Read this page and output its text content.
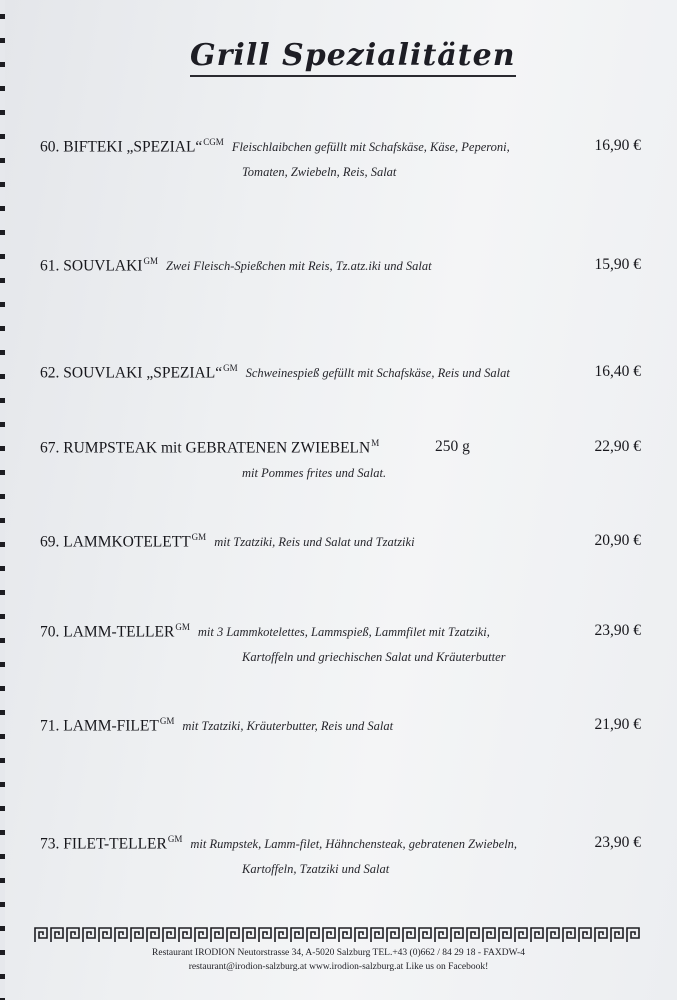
Grill Spezialitäten
60. BIFTEKI „SPEZIAL“$^{CGM}$ Fleischlaibchen gefüllt mit Schafskäse, Käse, Peperoni,	16,90 €
Tomaten, Zwiebeln, Reis, Salat
61. $SOUVLAKI^{GM}$ Zwei Fleisch-Spießchen mit Reis, Tz.atz.iki und Salat	15,90 €
62. SOUVLAKI „SPEZIAL“$^{GM}$ Schweinespieß gefüllt mit Schafskäse, Reis und Salat	16,40 €
67. RUMPSTEAK mit GEBRATENEN $ZWIEBELN^M$	250 g	22,90 €
mit Pommes frites und Salat.
69. $LAMMKOTELETT^{GM}$ mit Tzatziki, Reis und Salat und Tzatziki	20,90 €
70. LAMM-$TELLER^{GM}$ mit 3 Lammkotelettes, Lammspieß, Lammfilet mit Tzatziki,	23,90 €
Kartoffeln und griechischen Salat und Kräuterbutter
71. LAMM-$FILET^{GM}$ mit Tzatziki, Kräuterbutter, Reis und Salat	21,90 €
73. FILET-$TELLER^{GM}$ mit Rumpstek, Lamm-filet, Hähnchensteak, gebratenen Zwiebeln,	23,90 €
Kartoffeln, Tzatziki und Salat
Restaurant IRODION Neutorstrasse 34, A-5020 Salzburg TEL.+43 (0)662 / 84 29 18 - FAXDW-4
restaurant@irodion-salzburg.at www.irodion-salzburg.at Like us on Facebook!
